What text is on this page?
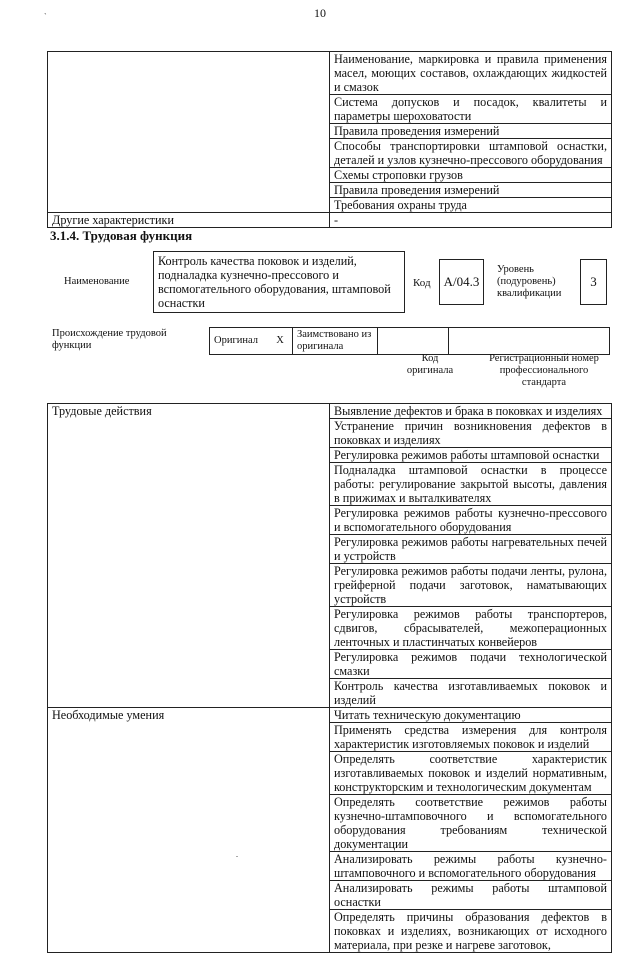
`	10
	Наименование, маркировка и правила применения масел, моющих составов, охлаждающих жидкостей и смазок
	Система допусков и посадок, квалитеты и параметры шероховатости
	Правила проведения измерений
	Способы транспортировки штамповой оснастки, деталей и узлов кузнечно-прессового оборудования
	Схемы строповки грузов
	Правила проведения измерений
	Требования охраны труда
Другие характеристики	-
3.1.4. Трудовая функция
Наименование
Контроль качества поковок и изделий, подналадка кузнечно-прессового и вспомогательного оборудования, штамповой оснастки
Код	А/04.3
Уровень (подуровень) квалификации
3
Происхождение трудовой функции	Оригинал	X	Заимствовано из оригинала		
Код оригинала
Регистрационный номер профессионального стандарта
Трудовые действия	Выявление дефектов и брака в поковках и изделиях
	Устранение причин возникновения дефектов в поковках и изделиях
	Регулировка режимов работы штамповой оснастки
	Подналадка штамповой оснастки в процессе работы: регулирование закрытой высоты, давления в прижимах и выталкивателях
	Регулировка режимов работы кузнечно-прессового и вспомогательного оборудования
	Регулировка режимов работы нагревательных печей и устройств
	Регулировка режимов работы подачи ленты, рулона, грейферной подачи заготовок, наматывающих устройств
	Регулировка режимов работы транспортеров, сдвигов, сбрасывателей, межоперационных ленточных и пластинчатых конвейеров
	Регулировка режимов подачи технологической смазки
	Контроль качества изготавливаемых поковок и изделий
Необходимые умения	Читать техническую документацию
	Применять средства измерения для контроля характеристик изготовляемых поковок и изделий
	Определять соответствие характеристик изготавливаемых поковок и изделий нормативным, конструкторским и технологическим документам
	Определять соответствие режимов работы кузнечно-штамповочного и вспомогательного оборудования требованиям технической документации
	Анализировать режимы работы кузнечно-штамповочного и вспомогательного оборудования
	Анализировать режимы работы штамповой оснастки
	Определять причины образования дефектов в поковках и изделиях, возникающих от исходного материала, при резке и нагреве заготовок,
.
